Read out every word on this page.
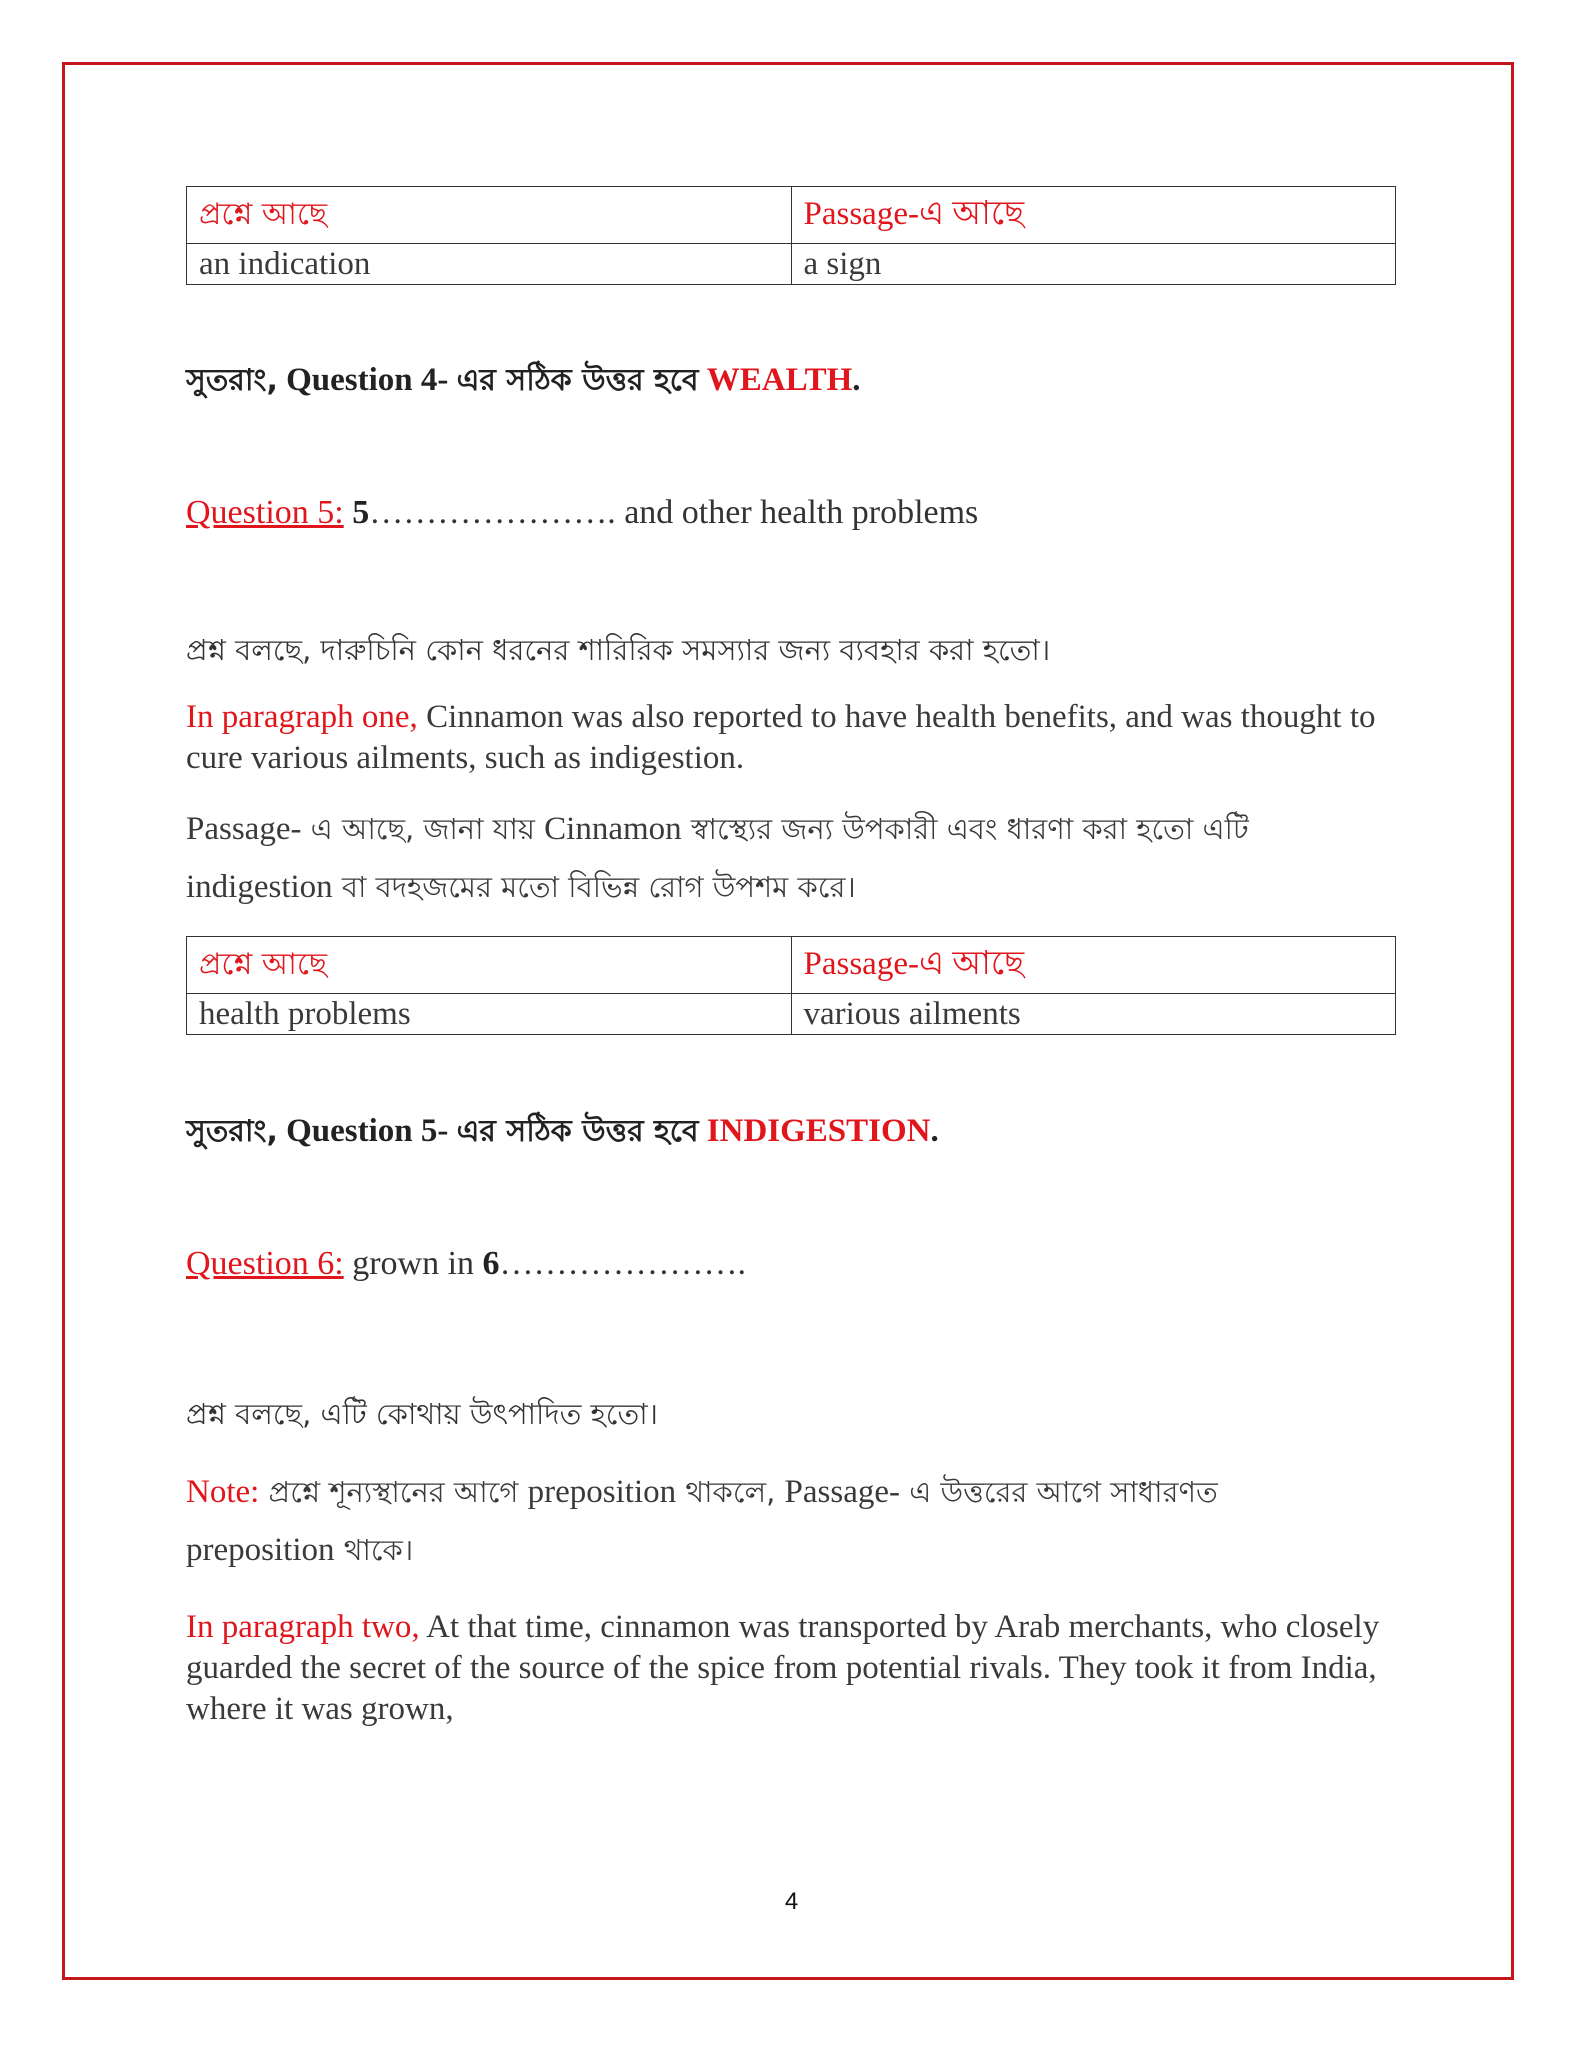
প্রশ্নে আছে	Passage-এ আছে
an indication	a sign
সুতরাং, Question 4- এর সঠিক উত্তর হবে WEALTH.
Question 5: 5…………………. and other health problems
প্রশ্ন বলছে, দারুচিনি কোন ধরনের শারিরিক সমস্যার জন্য ব্যবহার করা হতো।
In paragraph one, Cinnamon was also reported to have health benefits, and was thought to cure various ailments, such as indigestion.
Passage- এ আছে, জানা যায় Cinnamon স্বাস্থ্যের জন্য উপকারী এবং ধারণা করা হতো এটি
indigestion বা বদহজমের মতো বিভিন্ন রোগ উপশম করে।
প্রশ্নে আছে	Passage-এ আছে
health problems	various ailments
সুতরাং, Question 5- এর সঠিক উত্তর হবে INDIGESTION.
Question 6: grown in 6………………….
প্রশ্ন বলছে, এটি কোথায় উৎপাদিত হতো।
Note: প্রশ্নে শূন্যস্থানের আগে preposition থাকলে, Passage- এ উত্তরের আগে সাধারণত
preposition থাকে।
In paragraph two, At that time, cinnamon was transported by Arab merchants, who closely guarded the secret of the source of the spice from potential rivals. They took it from India, where it was grown,
4
